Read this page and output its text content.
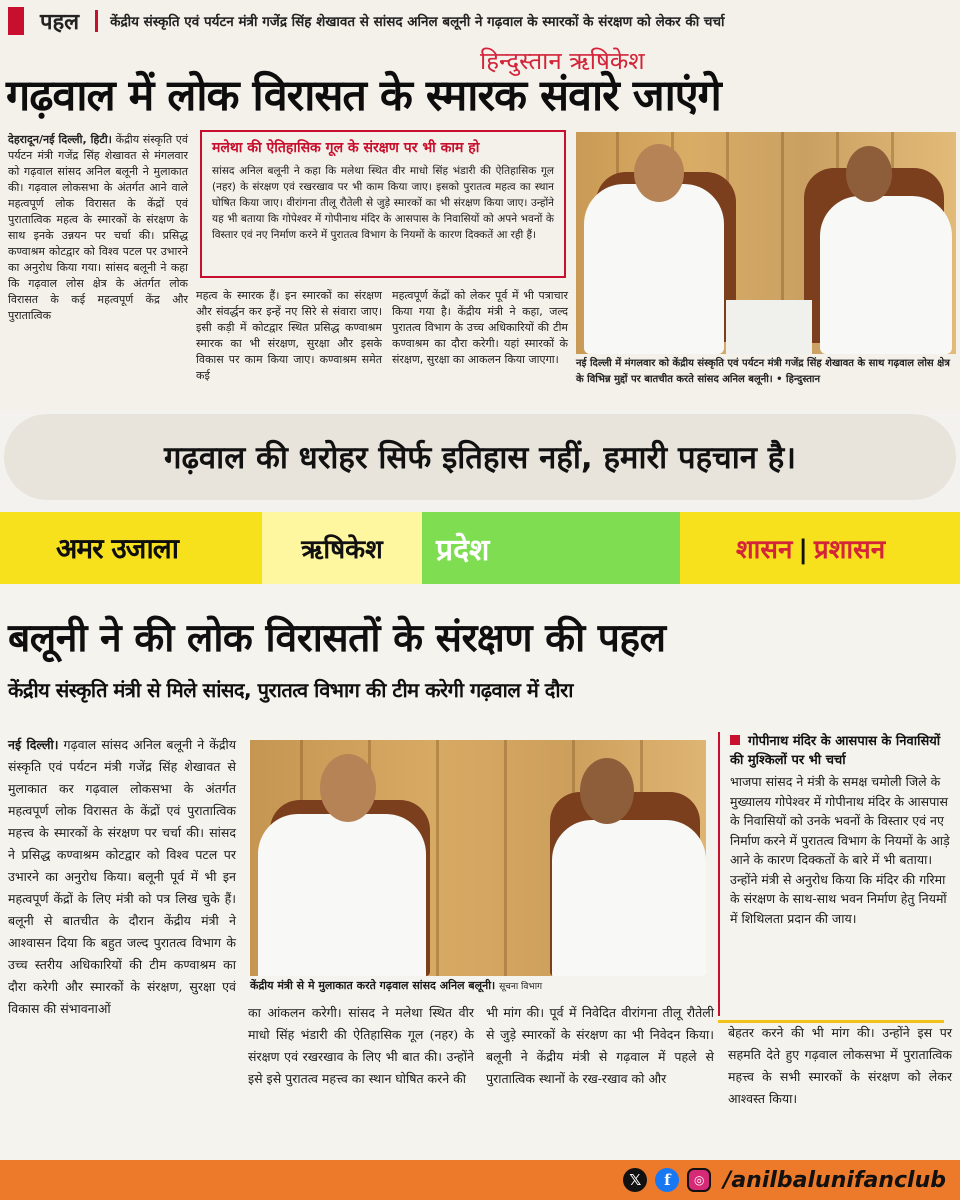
पहल केंद्रीय संस्कृति एवं पर्यटन मंत्री गजेंद्र सिंह शेखावत से सांसद अनिल बलूनी ने गढ़वाल के स्मारकों के संरक्षण को लेकर की चर्चा
हिन्दुस्तान ऋषिकेश
गढ़वाल में लोक विरासत के स्मारक संवारे जाएंगे
देहरादून/नई दिल्ली, हिटी। केंद्रीय संस्कृति एवं पर्यटन मंत्री गजेंद्र सिंह शेखावत से मंगलवार को गढ़वाल सांसद अनिल बलूनी ने मुलाकात की। गढ़वाल लोकसभा के अंतर्गत आने वाले महत्वपूर्ण लोक विरासत के केंद्रों एवं पुरातात्विक महत्व के स्मारकों के संरक्षण के साथ इनके उन्नयन पर चर्चा की। प्रसिद्ध कण्वाश्रम कोटद्वार को विश्व पटल पर उभारने का अनुरोध किया गया। सांसद बलूनी ने कहा कि गढ़वाल लोस क्षेत्र के अंतर्गत लोक विरासत के कई महत्वपूर्ण केंद्र और पुरातात्विक
मलेथा की ऐतिहासिक गूल के संरक्षण पर भी काम हो
सांसद अनिल बलूनी ने कहा कि मलेथा स्थित वीर माधो सिंह भंडारी की ऐतिहासिक गूल (नहर) के संरक्षण एवं रखरखाव पर भी काम किया जाए। इसको पुरातत्व महत्व का स्थान घोषित किया जाए। वीरांगना तीलू रौतेली से जुड़े स्मारकों का भी संरक्षण किया जाए। उन्होंने यह भी बताया कि गोपेश्वर में गोपीनाथ मंदिर के आसपास के निवासियों को अपने भवनों के विस्तार एवं नए निर्माण करने में पुरातत्व विभाग के नियमों के कारण दिक्कतें आ रही हैं।
महत्व के स्मारक हैं। इन स्मारकों का संरक्षण और संवर्द्धन कर इन्हें नए सिरे से संवारा जाए। इसी कड़ी में कोटद्वार स्थित प्रसिद्ध कण्वाश्रम स्मारक का भी संरक्षण, सुरक्षा और इसके विकास पर काम किया जाए। कण्वाश्रम समेत कई
महत्वपूर्ण केंद्रों को लेकर पूर्व में भी पत्राचार किया गया है। केंद्रीय मंत्री ने कहा, जल्द पुरातत्व विभाग के उच्च अधिकारियों की टीम कण्वाश्रम का दौरा करेगी। यहां स्मारकों के संरक्षण, सुरक्षा का आकलन किया जाएगा।	नई दिल्ली में मंगलवार को केंद्रीय संस्कृति एवं पर्यटन मंत्री गजेंद्र सिंह शेखावत के साथ गढ़वाल लोस क्षेत्र के विभिन्न मुद्दों पर बातचीत करते सांसद अनिल बलूनी। • हिन्दुस्तान
गढ़वाल की धरोहर सिर्फ इतिहास नहीं, हमारी पहचान है।
अमर उजाला	ऋषिकेश प्रदेश	शासन | प्रशासन
बलूनी ने की लोक विरासतों के संरक्षण की पहल
केंद्रीय संस्कृति मंत्री से मिले सांसद, पुरातत्व विभाग की टीम करेगी गढ़वाल में दौरा
नई दिल्ली। गढ़वाल सांसद अनिल बलूनी ने केंद्रीय संस्कृति एवं पर्यटन मंत्री गजेंद्र सिंह शेखावत से मुलाकात कर गढ़वाल लोकसभा के अंतर्गत महत्वपूर्ण लोक विरासत के केंद्रों एवं पुरातात्विक महत्त्व के स्मारकों के संरक्षण पर चर्चा की। सांसद ने प्रसिद्ध कण्वाश्रम कोटद्वार को विश्व पटल पर उभारने का अनुरोध किया। बलूनी पूर्व में भी इन महत्वपूर्ण केंद्रों के लिए मंत्री को पत्र लिख चुके हैं। बलूनी से बातचीत के दौरान केंद्रीय मंत्री ने आश्वासन दिया कि बहुत जल्द पुरातत्व विभाग के उच्च स्तरीय अधिकारियों की टीम कण्वाश्रम का दौरा करेगी और स्मारकों के संरक्षण, सुरक्षा एवं विकास की संभावनाओं
केंद्रीय मंत्री से मे मुलाकात करते गढ़वाल सांसद अनिल बलूनी। सूचना विभाग
का आंकलन करेगी। सांसद ने मलेथा स्थित वीर माधो सिंह भंडारी की ऐतिहासिक गूल (नहर) के संरक्षण एवं रखरखाव के लिए भी बात की। उन्होंने इसे इसे पुरातत्व महत्त्व का स्थान घोषित करने की
भी मांग की। पूर्व में निवेदित वीरांगना तीलू रौतेली से जुड़े स्मारकों के संरक्षण का भी निवेदन किया। बलूनी ने केंद्रीय मंत्री से गढ़वाल में पहले से पुरातात्विक स्थानों के रख-रखाव को और
गोपीनाथ मंदिर के आसपास के निवासियों की मुश्किलों पर भी चर्चा
भाजपा सांसद ने मंत्री के समक्ष चमोली जिले के मुख्यालय गोपेश्वर में गोपीनाथ मंदिर के आसपास के निवासियों को उनके भवनों के विस्तार एवं नए निर्माण करने में पुरातत्व विभाग के नियमों के आड़े आने के कारण दिक्कतों के बारे में भी बताया। उन्होंने मंत्री से अनुरोध किया कि मंदिर की गरिमा के संरक्षण के साथ-साथ भवन निर्माण हेतु नियमों में शिथिलता प्रदान की जाय।
बेहतर करने की भी मांग की। उन्होंने इस पर सहमति देते हुए गढ़वाल लोकसभा में पुरातात्विक महत्त्व के सभी स्मारकों के संरक्षण को लेकर आश्वस्त किया।
𝕏	f	◎ /anilbalunifanclub
